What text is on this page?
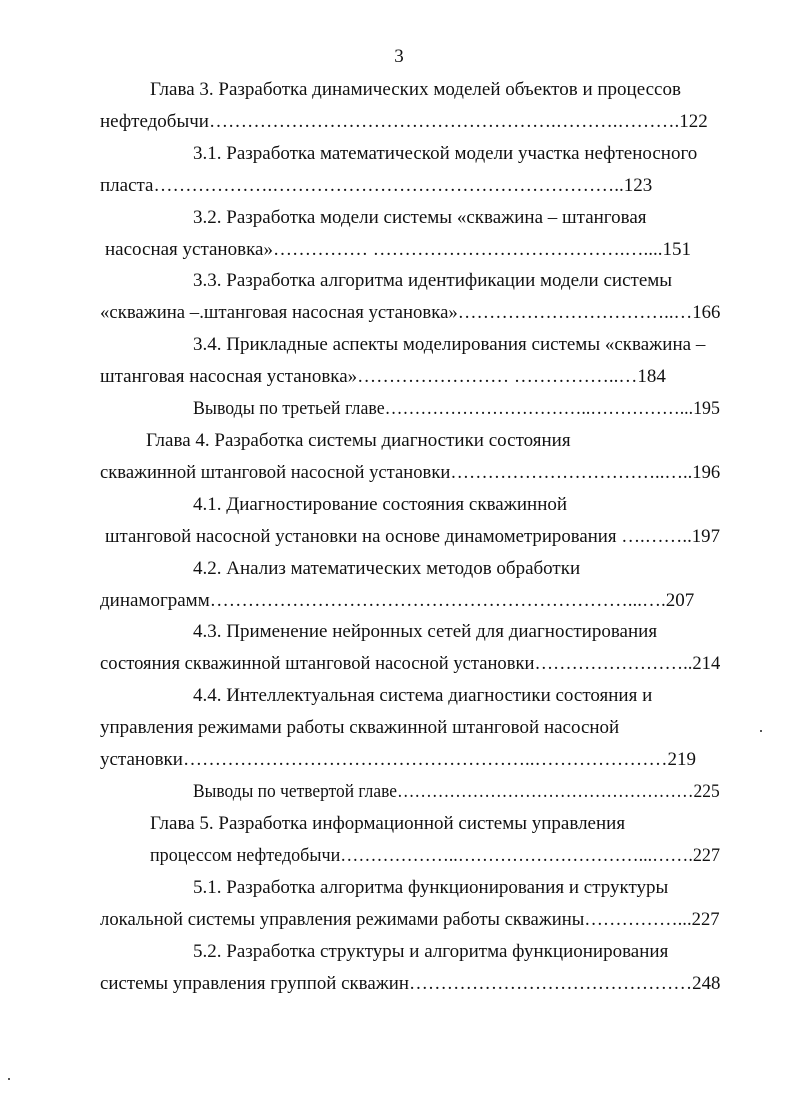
3
Глава 3. Разработка динамических моделей объектов и процессов
нефтедобычи……………………………………………….……….……….122
3.1. Разработка математической модели участка нефтеносного
пласта……………….………………………………………………..123
3.2. Разработка модели системы «скважина – штанговая
насосная установка»…………… ………………………………….…....151
3.3. Разработка алгоритма идентификации модели системы
«скважина –.штанговая насосная установка»……………………………..…166
3.4. Прикладные аспекты моделирования системы «скважина –
штанговая насосная установка»…………………… ……………..…184
Выводы по третьей главе……………………………..……………...195
Глава 4. Разработка системы диагностики состояния
скважинной штанговой насосной установки……………………………..…..196
4.1. Диагностирование состояния скважинной
штанговой насосной установки на основе динамометрирования ….……..197
4.2. Анализ математических методов обработки
динамограмм…………………………………………………………...….207
4.3. Применение нейронных сетей для диагностирования
состояния скважинной штанговой насосной установки……………………..214
4.4. Интеллектуальная система диагностики состояния и
управления режимами работы скважинной штанговой насосной
установки………………………………………………..…………………219
Выводы по четвертой главе……………………………………………225
Глава 5. Разработка информационной системы управления
процессом нефтедобычи………………..…………………………...…….227
5.1. Разработка алгоритма функционирования и структуры
локальной системы управления режимами работы скважины……………...227
5.2. Разработка структуры и алгоритма функционирования
системы управления группой скважин………………………………………248
